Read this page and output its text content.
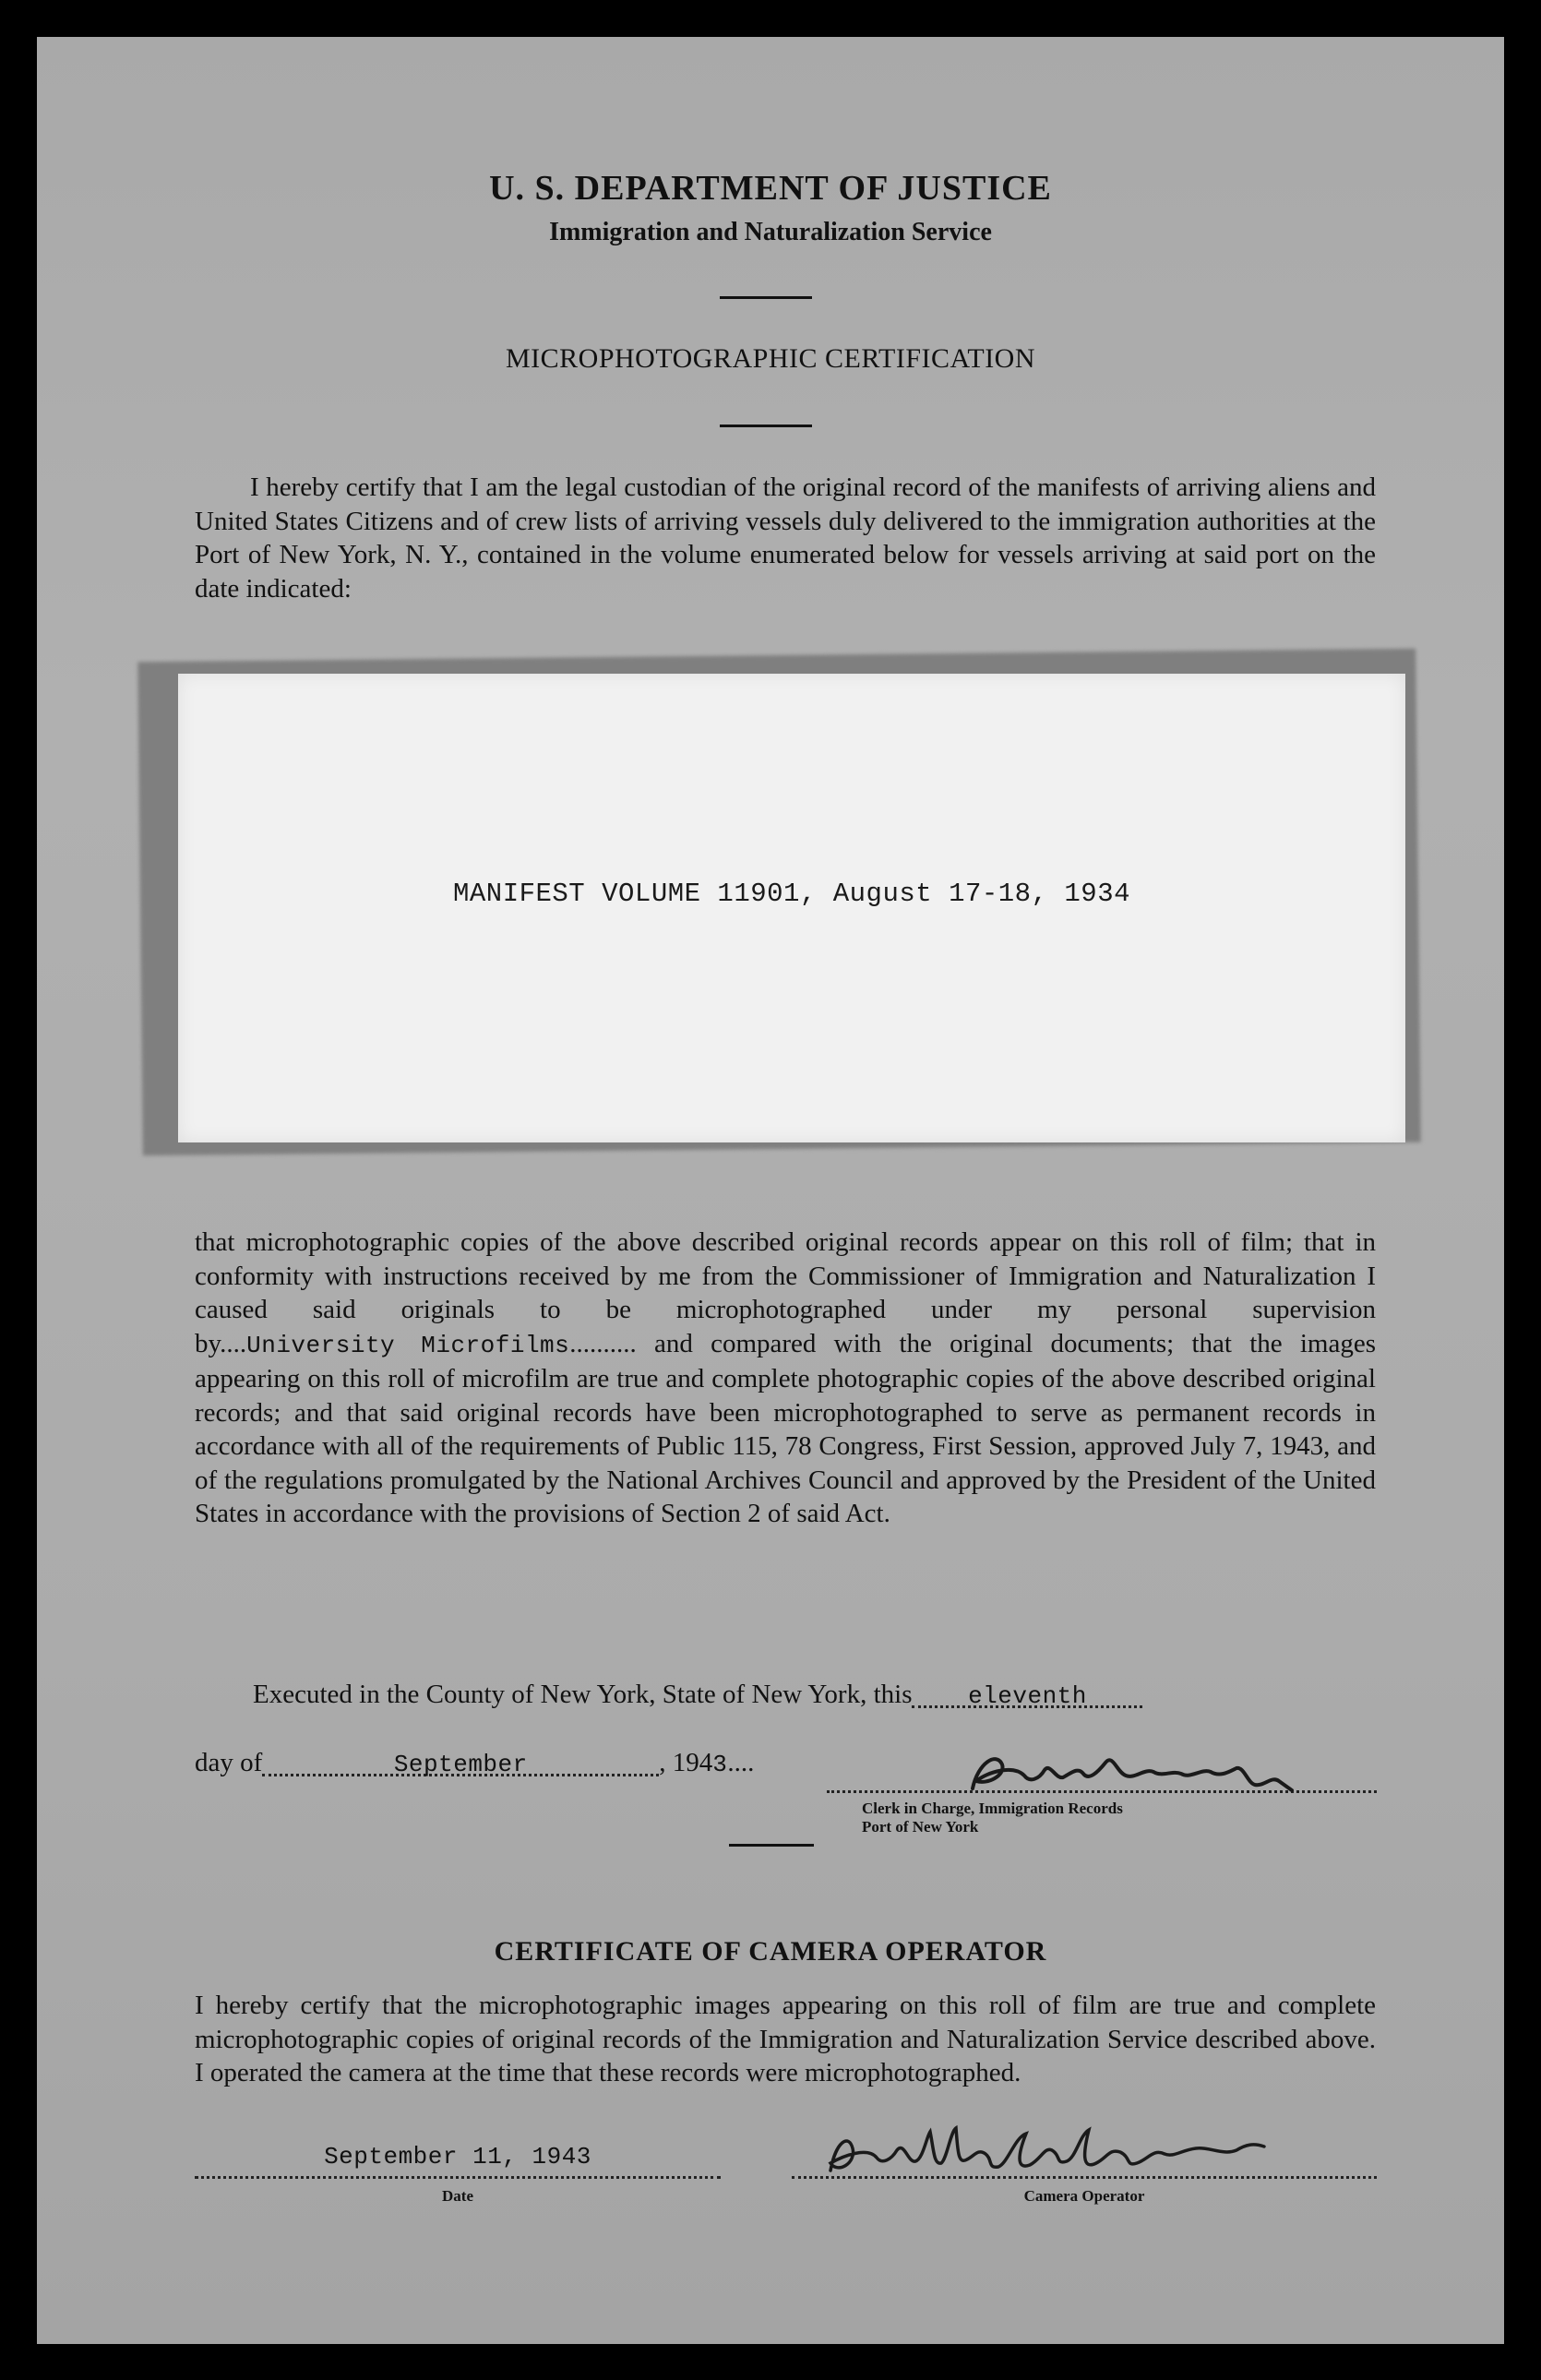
U. S. DEPARTMENT OF JUSTICE
Immigration and Naturalization Service
MICROPHOTOGRAPHIC CERTIFICATION
I hereby certify that I am the legal custodian of the original record of the manifests of arriving aliens and United States Citizens and of crew lists of arriving vessels duly delivered to the immigration authorities at the Port of New York, N. Y., contained in the volume enumerated below for vessels arriving at said port on the date indicated:
MANIFEST VOLUME 11901, August 17-18, 1934
that microphotographic copies of the above described original records appear on this roll of film; that in conformity with instructions received by me from the Commissioner of Immigration and Naturalization I caused said originals to be microphotographed under my personal supervision by....University Microfilms.......... and compared with the original documents; that the images appearing on this roll of microfilm are true and complete photographic copies of the above described original records; and that said original records have been microphotographed to serve as permanent records in accordance with all of the requirements of Public 115, 78 Congress, First Session, approved July 7, 1943, and of the regulations promulgated by the National Archives Council and approved by the President of the United States in accordance with the provisions of Section 2 of said Act.
Executed in the County of New York, State of New York, this eleventh
day of	September	, 1943....
Clerk in Charge, Immigration Records
Port of New York
CERTIFICATE OF CAMERA OPERATOR
I hereby certify that the microphotographic images appearing on this roll of film are true and complete microphotographic copies of original records of the Immigration and Naturalization Service described above. I operated the camera at the time that these records were microphotographed.
September 11, 1943
Date	Camera Operator
